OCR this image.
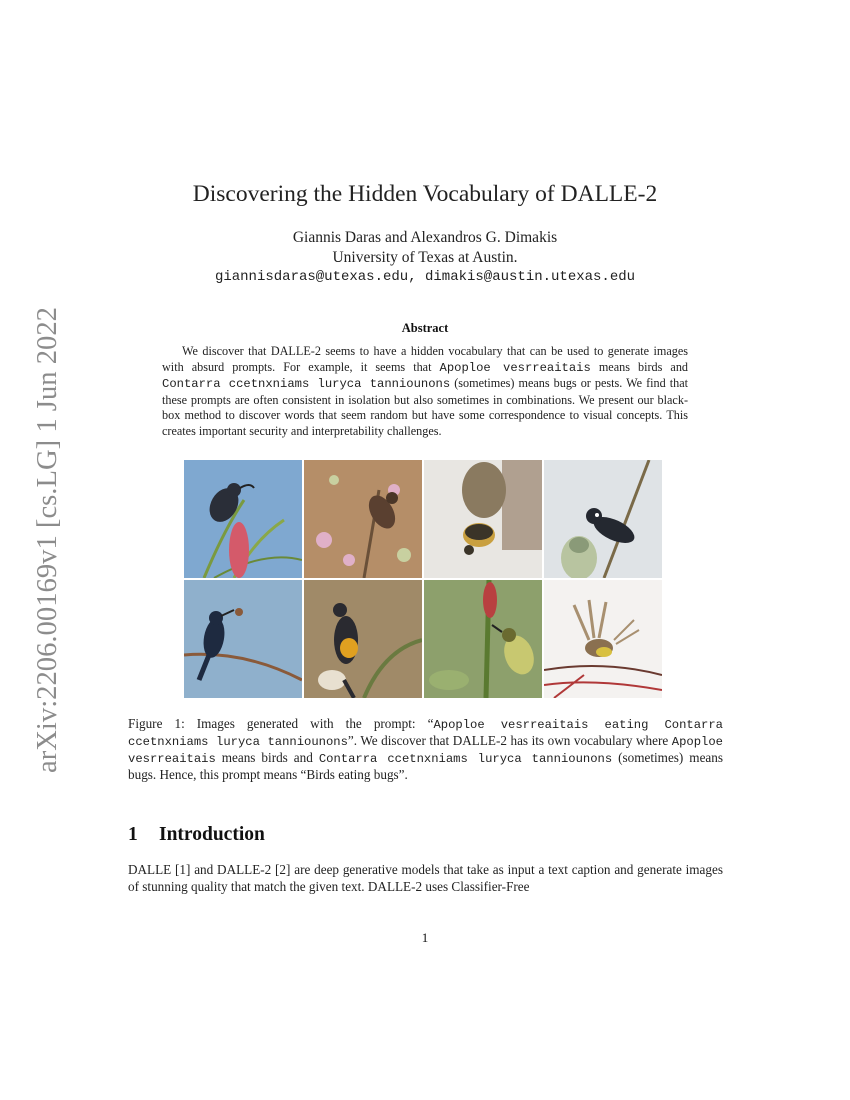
arXiv:2206.00169v1 [cs.LG] 1 Jun 2022
Discovering the Hidden Vocabulary of DALLE-2
Giannis Daras and Alexandros G. Dimakis
University of Texas at Austin.
giannisdaras@utexas.edu, dimakis@austin.utexas.edu
Abstract
We discover that DALLE-2 seems to have a hidden vocabulary that can be used to generate images with absurd prompts. For example, it seems that Apoploe vesrreaitais means birds and Contarra ccetnxniams luryca tanniounons (sometimes) means bugs or pests. We find that these prompts are often consistent in isolation but also sometimes in combinations. We present our black-box method to discover words that seem random but have some correspondence to visual concepts. This creates important security and interpretability challenges.
Figure 1: Images generated with the prompt: “Apoploe vesrreaitais eating Contarra ccetnxniams luryca tanniounons”. We discover that DALLE-2 has its own vocabulary where Apoploe vesrreaitais means birds and Contarra ccetnxniams luryca tanniounons (sometimes) means bugs. Hence, this prompt means “Birds eating bugs”.
1 Introduction
DALLE [1] and DALLE-2 [2] are deep generative models that take as input a text caption and generate images of stunning quality that match the given text. DALLE-2 uses Classifier-Free
1
